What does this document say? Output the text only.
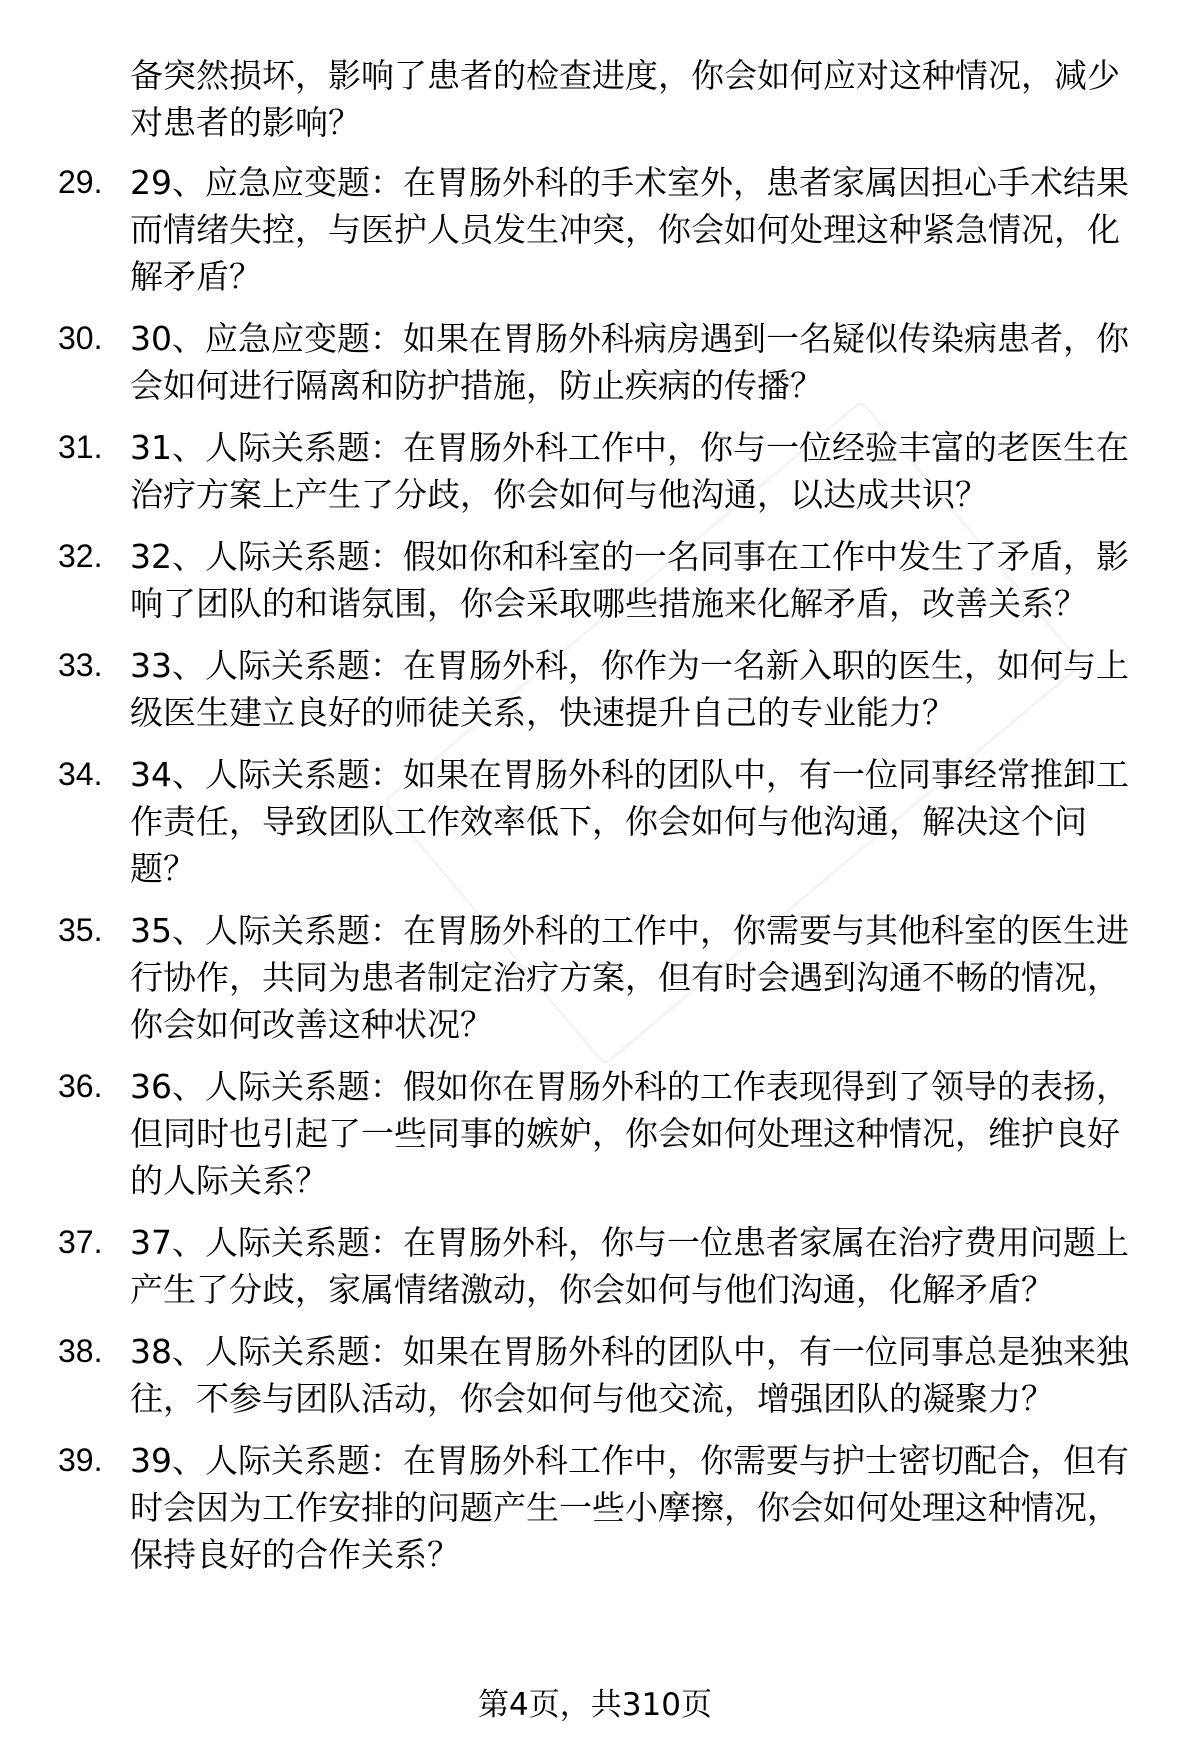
备突然损坏，影响了患者的检查进度，你会如何应对这种情况，减少对患者的影响？
29. 29、应急应变题：在胃肠外科的手术室外，患者家属因担心手术结果而情绪失控，与医护人员发生冲突，你会如何处理这种紧急情况，化解矛盾？
30. 30、应急应变题：如果在胃肠外科病房遇到一名疑似传染病患者，你会如何进行隔离和防护措施，防止疾病的传播？
31. 31、人际关系题：在胃肠外科工作中，你与一位经验丰富的老医生在治疗方案上产生了分歧，你会如何与他沟通，以达成共识？
32. 32、人际关系题：假如你和科室的一名同事在工作中发生了矛盾，影响了团队的和谐氛围，你会采取哪些措施来化解矛盾，改善关系？
33. 33、人际关系题：在胃肠外科，你作为一名新入职的医生，如何与上级医生建立良好的师徒关系，快速提升自己的专业能力？
34. 34、人际关系题：如果在胃肠外科的团队中，有一位同事经常推卸工作责任，导致团队工作效率低下，你会如何与他沟通，解决这个问题？
35. 35、人际关系题：在胃肠外科的工作中，你需要与其他科室的医生进行协作，共同为患者制定治疗方案，但有时会遇到沟通不畅的情况，你会如何改善这种状况？
36. 36、人际关系题：假如你在胃肠外科的工作表现得到了领导的表扬，但同时也引起了一些同事的嫉妒，你会如何处理这种情况，维护良好的人际关系？
37. 37、人际关系题：在胃肠外科，你与一位患者家属在治疗费用问题上产生了分歧，家属情绪激动，你会如何与他们沟通，化解矛盾？
38. 38、人际关系题：如果在胃肠外科的团队中，有一位同事总是独来独往，不参与团队活动，你会如何与他交流，增强团队的凝聚力？
39. 39、人际关系题：在胃肠外科工作中，你需要与护士密切配合，但有时会因为工作安排的问题产生一些小摩擦，你会如何处理这种情况，保持良好的合作关系？
第4页，共310页
